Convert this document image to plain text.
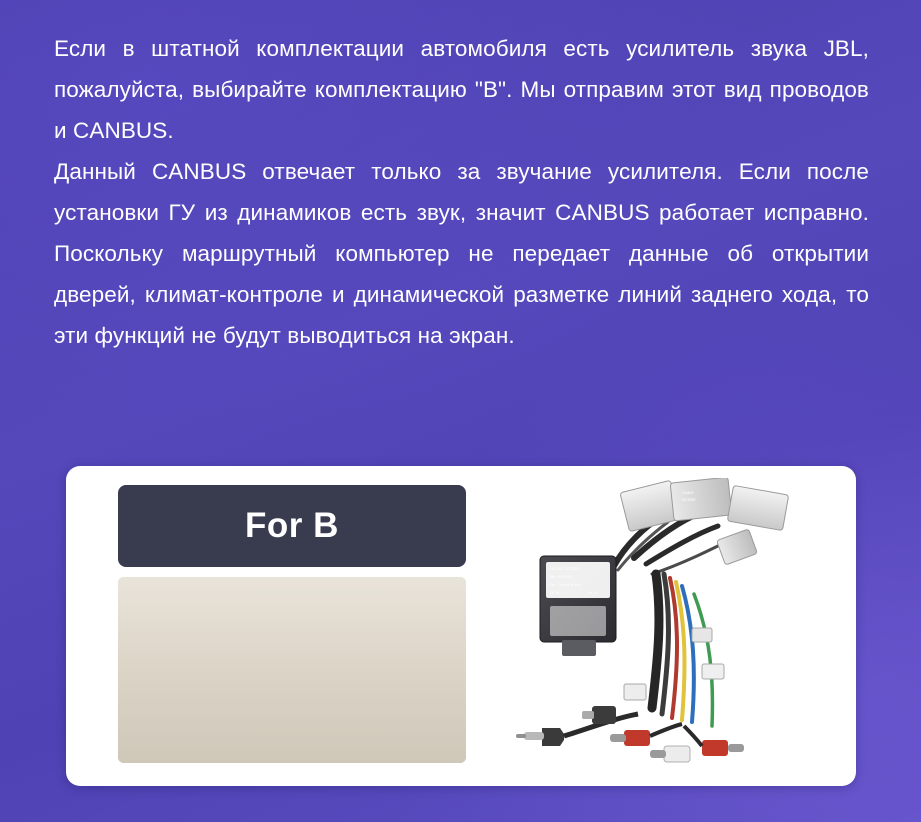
Если в штатной комплектации автомобиля есть усилитель звука JBL, пожалуйста, выбирайте комплектацию "B". Мы отправим этот вид проводов и CANBUS.

Данный CANBUS отвечает только за звучание усилителя. Если после установки ГУ из динамиков есть звук, значит CANBUS работает исправно. Поскольку маршрутный компьютер не передает данные об открытии дверей, климат-контроле и динамической разметке линий заднего хода, то эти функций не будут выводиться на экран.

For B
CAN BUS DECODER
SRV 20220323
For Toyota Hiace
IN 01	OA 01
CANBUS
DECODER
